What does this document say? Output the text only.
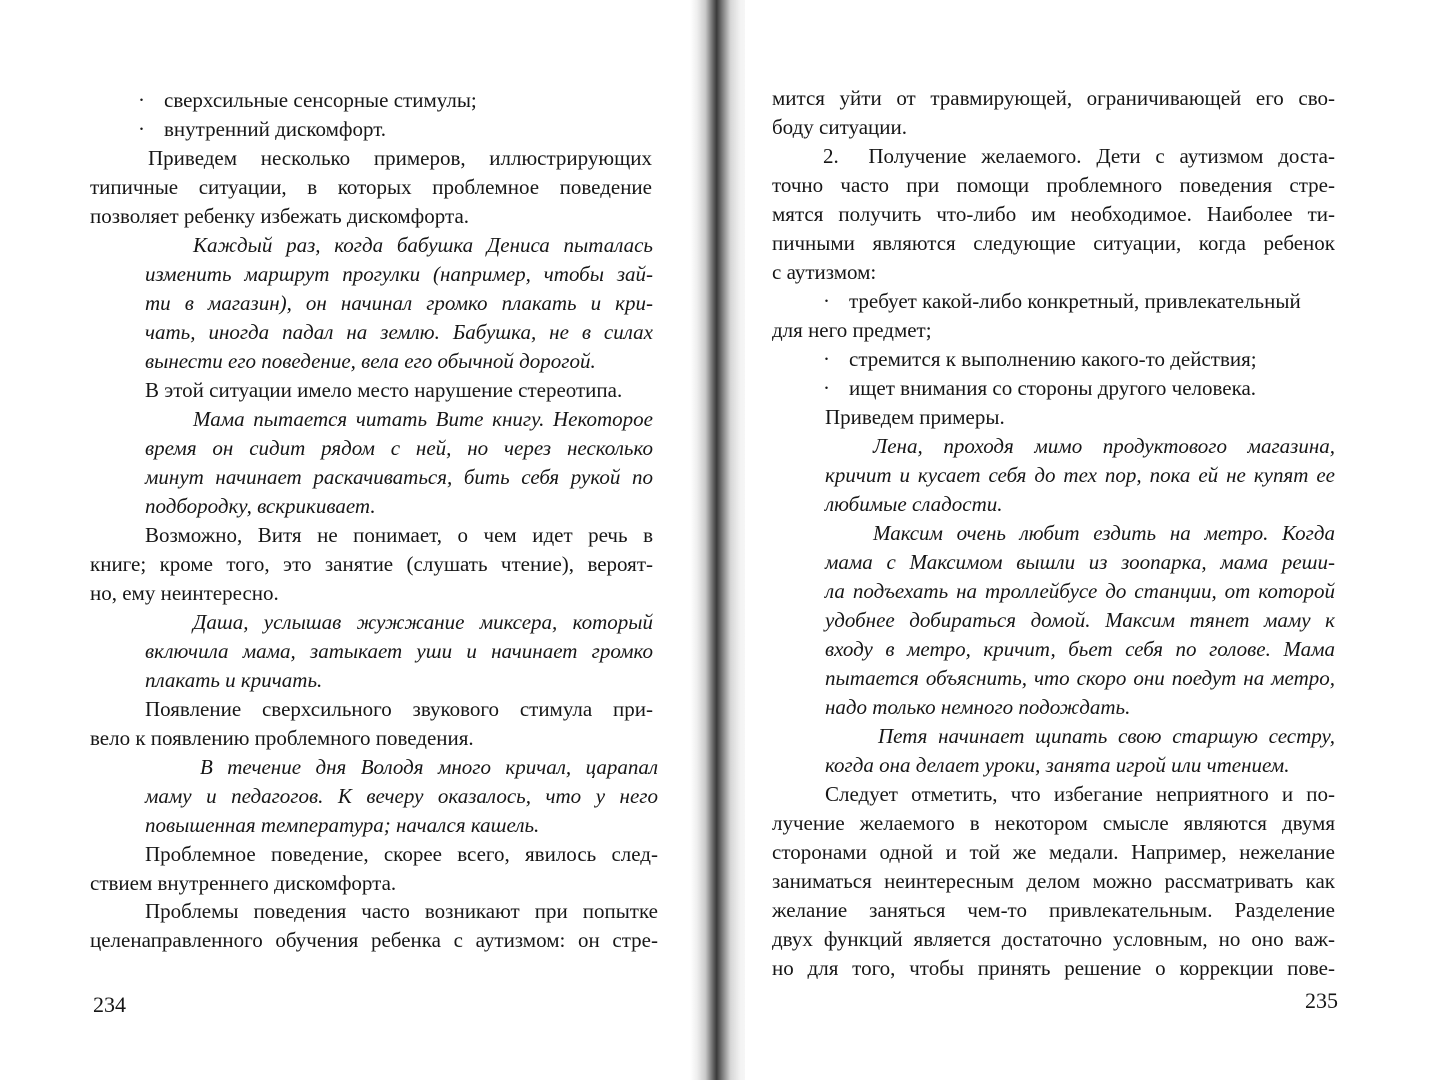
· сверхсильные сенсорные стимулы;
· внутренний дискомфорт.
Приведем несколько примеров, иллюстрирующих
типичные ситуации, в которых проблемное поведение
позволяет ребенку избежать дискомфорта.
Каждый раз, когда бабушка Дениса пыталась
изменить маршрут прогулки (например, чтобы зай-
ти в магазин), он начинал громко плакать и кри-
чать, иногда падал на землю. Бабушка, не в силах
вынести его поведение, вела его обычной дорогой.
В этой ситуации имело место нарушение стереотипа.
Мама пытается читать Вите книгу. Некоторое
время он сидит рядом с ней, но через несколько
минут начинает раскачиваться, бить себя рукой по
подбородку, вскрикивает.
Возможно, Витя не понимает, о чем идет речь в
книге; кроме того, это занятие (слушать чтение), вероят-
но, ему неинтересно.
Даша, услышав жужжание миксера, который
включила мама, затыкает уши и начинает громко
плакать и кричать.
Появление сверхсильного звукового стимула при-
вело к появлению проблемного поведения.
В течение дня Володя много кричал, царапал
маму и педагогов. К вечеру оказалось, что у него
повышенная температура; начался кашель.
Проблемное поведение, скорее всего, явилось след-
ствием внутреннего дискомфорта.
Проблемы поведения часто возникают при попытке
целенаправленного обучения ребенка с аутизмом: он стре-
234
мится уйти от травмирующей, ограничивающей его сво-
боду ситуации.
2.  Получение желаемого. Дети с аутизмом доста-
точно часто при помощи проблемного поведения стре-
мятся получить что-либо им необходимое. Наиболее ти-
пичными являются следующие ситуации, когда ребенок
с аутизмом:
· требует какой-либо конкретный, привлекательный
для него предмет;
· стремится к выполнению какого-то действия;
· ищет внимания со стороны другого человека.
Приведем примеры.
Лена, проходя мимо продуктового магазина,
кричит и кусает себя до тех пор, пока ей не купят ее
любимые сладости.
Максим очень любит ездить на метро. Когда
мама с Максимом вышли из зоопарка, мама реши-
ла подъехать на троллейбусе до станции, от которой
удобнее добираться домой. Максим тянет маму к
входу в метро, кричит, бьет себя по голове. Мама
пытается объяснить, что скоро они поедут на метро,
надо только немного подождать.
Петя начинает щипать свою старшую сестру,
когда она делает уроки, занята игрой или чтением.
Следует отметить, что избегание неприятного и по-
лучение желаемого в некотором смысле являются двумя
сторонами одной и той же медали. Например, нежелание
заниматься неинтересным делом можно рассматривать как
желание заняться чем-то привлекательным. Разделение
двух функций является достаточно условным, но оно важ-
но для того, чтобы принять решение о коррекции пове-
235
